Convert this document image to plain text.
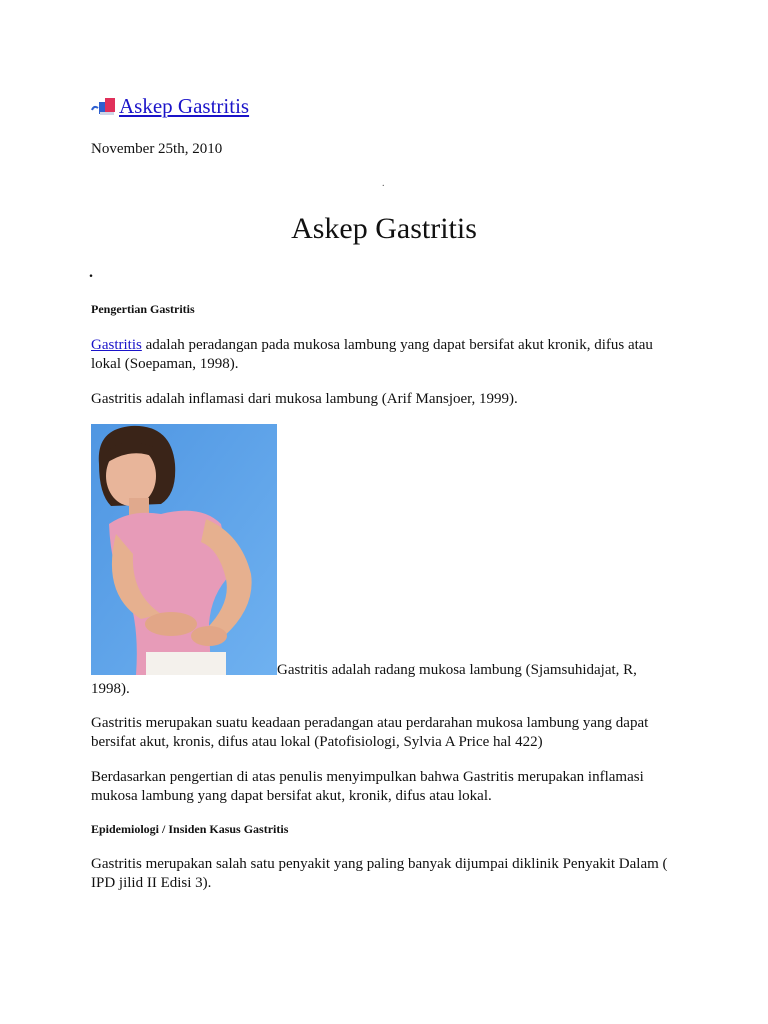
Askep Gastritis
November 25th, 2010
.
Askep Gastritis
.
Pengertian Gastritis

Gastritis adalah peradangan pada mukosa lambung yang dapat bersifat akut kronik, difus atau lokal (Soepaman, 1998).

Gastritis adalah inflamasi dari mukosa lambung (Arif Mansjoer, 1999).

Gastritis adalah radang mukosa lambung (Sjamsuhidajat, R,
1998).

Gastritis merupakan suatu keadaan peradangan atau perdarahan mukosa lambung yang dapat bersifat akut, kronis, difus atau lokal (Patofisiologi, Sylvia A Price hal 422)

Berdasarkan pengertian di atas penulis menyimpulkan bahwa Gastritis merupakan inflamasi mukosa lambung yang dapat bersifat akut, kronik, difus atau lokal.

Epidemiologi / Insiden Kasus Gastritis

Gastritis merupakan salah satu penyakit yang paling banyak dijumpai diklinik Penyakit Dalam ( IPD jilid II Edisi 3).
